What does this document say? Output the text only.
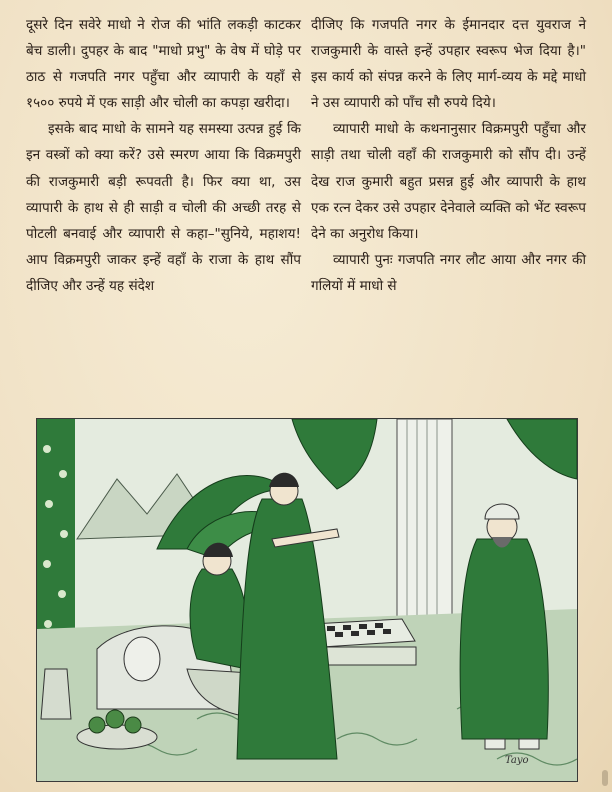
दूसरे दिन सवेरे माधो ने रोज की भांति लकड़ी काटकर बेच डाली। दुपहर के बाद "माधो प्रभु" के वेष में घोड़े पर ठाठ से गजपति नगर पहुँचा और व्यापारी के यहाँ से १५०० रुपये में एक साड़ी और चोली का कपड़ा खरीदा।

इसके बाद माधो के सामने यह समस्या उत्पन्न हुई कि इन वस्त्रों को क्या करें? उसे स्मरण आया कि विक्रमपुरी की राजकुमारी बड़ी रूपवती है। फिर क्या था, उस व्यापारी के हाथ से ही साड़ी व चोली की अच्छी तरह से पोटली बनवाई और व्यापारी से कहा–"सुनिये, महाशय! आप विक्रमपुरी जाकर इन्हें वहाँ के राजा के हाथ सौंप दीजिए और उन्हें यह संदेश

दीजिए कि गजपति नगर के ईमानदार दत्त युवराज ने राजकुमारी के वास्ते इन्हें उपहार स्वरूप भेज दिया है।" इस कार्य को संपन्न करने के लिए मार्ग-व्यय के मद्दे माधो ने उस व्यापारी को पाँच सौ रुपये दिये।

व्यापारी माधो के कथनानुसार विक्रमपुरी पहुँचा और साड़ी तथा चोली वहाँ की राजकुमारी को सौंप दी। उन्हें देख राज कुमारी बहुत प्रसन्न हुई और व्यापारी के हाथ एक रत्न देकर उसे उपहार देनेवाले व्यक्ति को भेंट स्वरूप देने का अनुरोध किया।

व्यापारी पुनः गजपति नगर लौट आया और नगर की गलियों में माधो से

Tayo
